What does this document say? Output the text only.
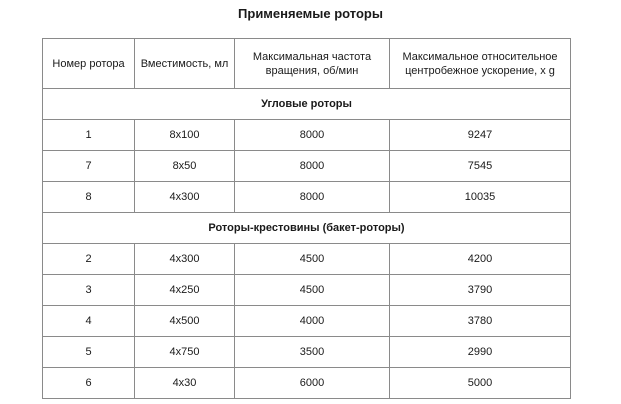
Применяемые роторы
Номер ротора	Вместимость, мл	Максимальная частота вращения, об/мин	Максимальное относительное центробежное ускорение, x g
Угловые роторы			
1	8x100	8000	9247
7	8x50	8000	7545
8	4x300	8000	10035
Роторы-крестовины (бакет-роторы)			
2	4x300	4500	4200
3	4x250	4500	3790
4	4x500	4000	3780
5	4x750	3500	2990
6	4x30	6000	5000
